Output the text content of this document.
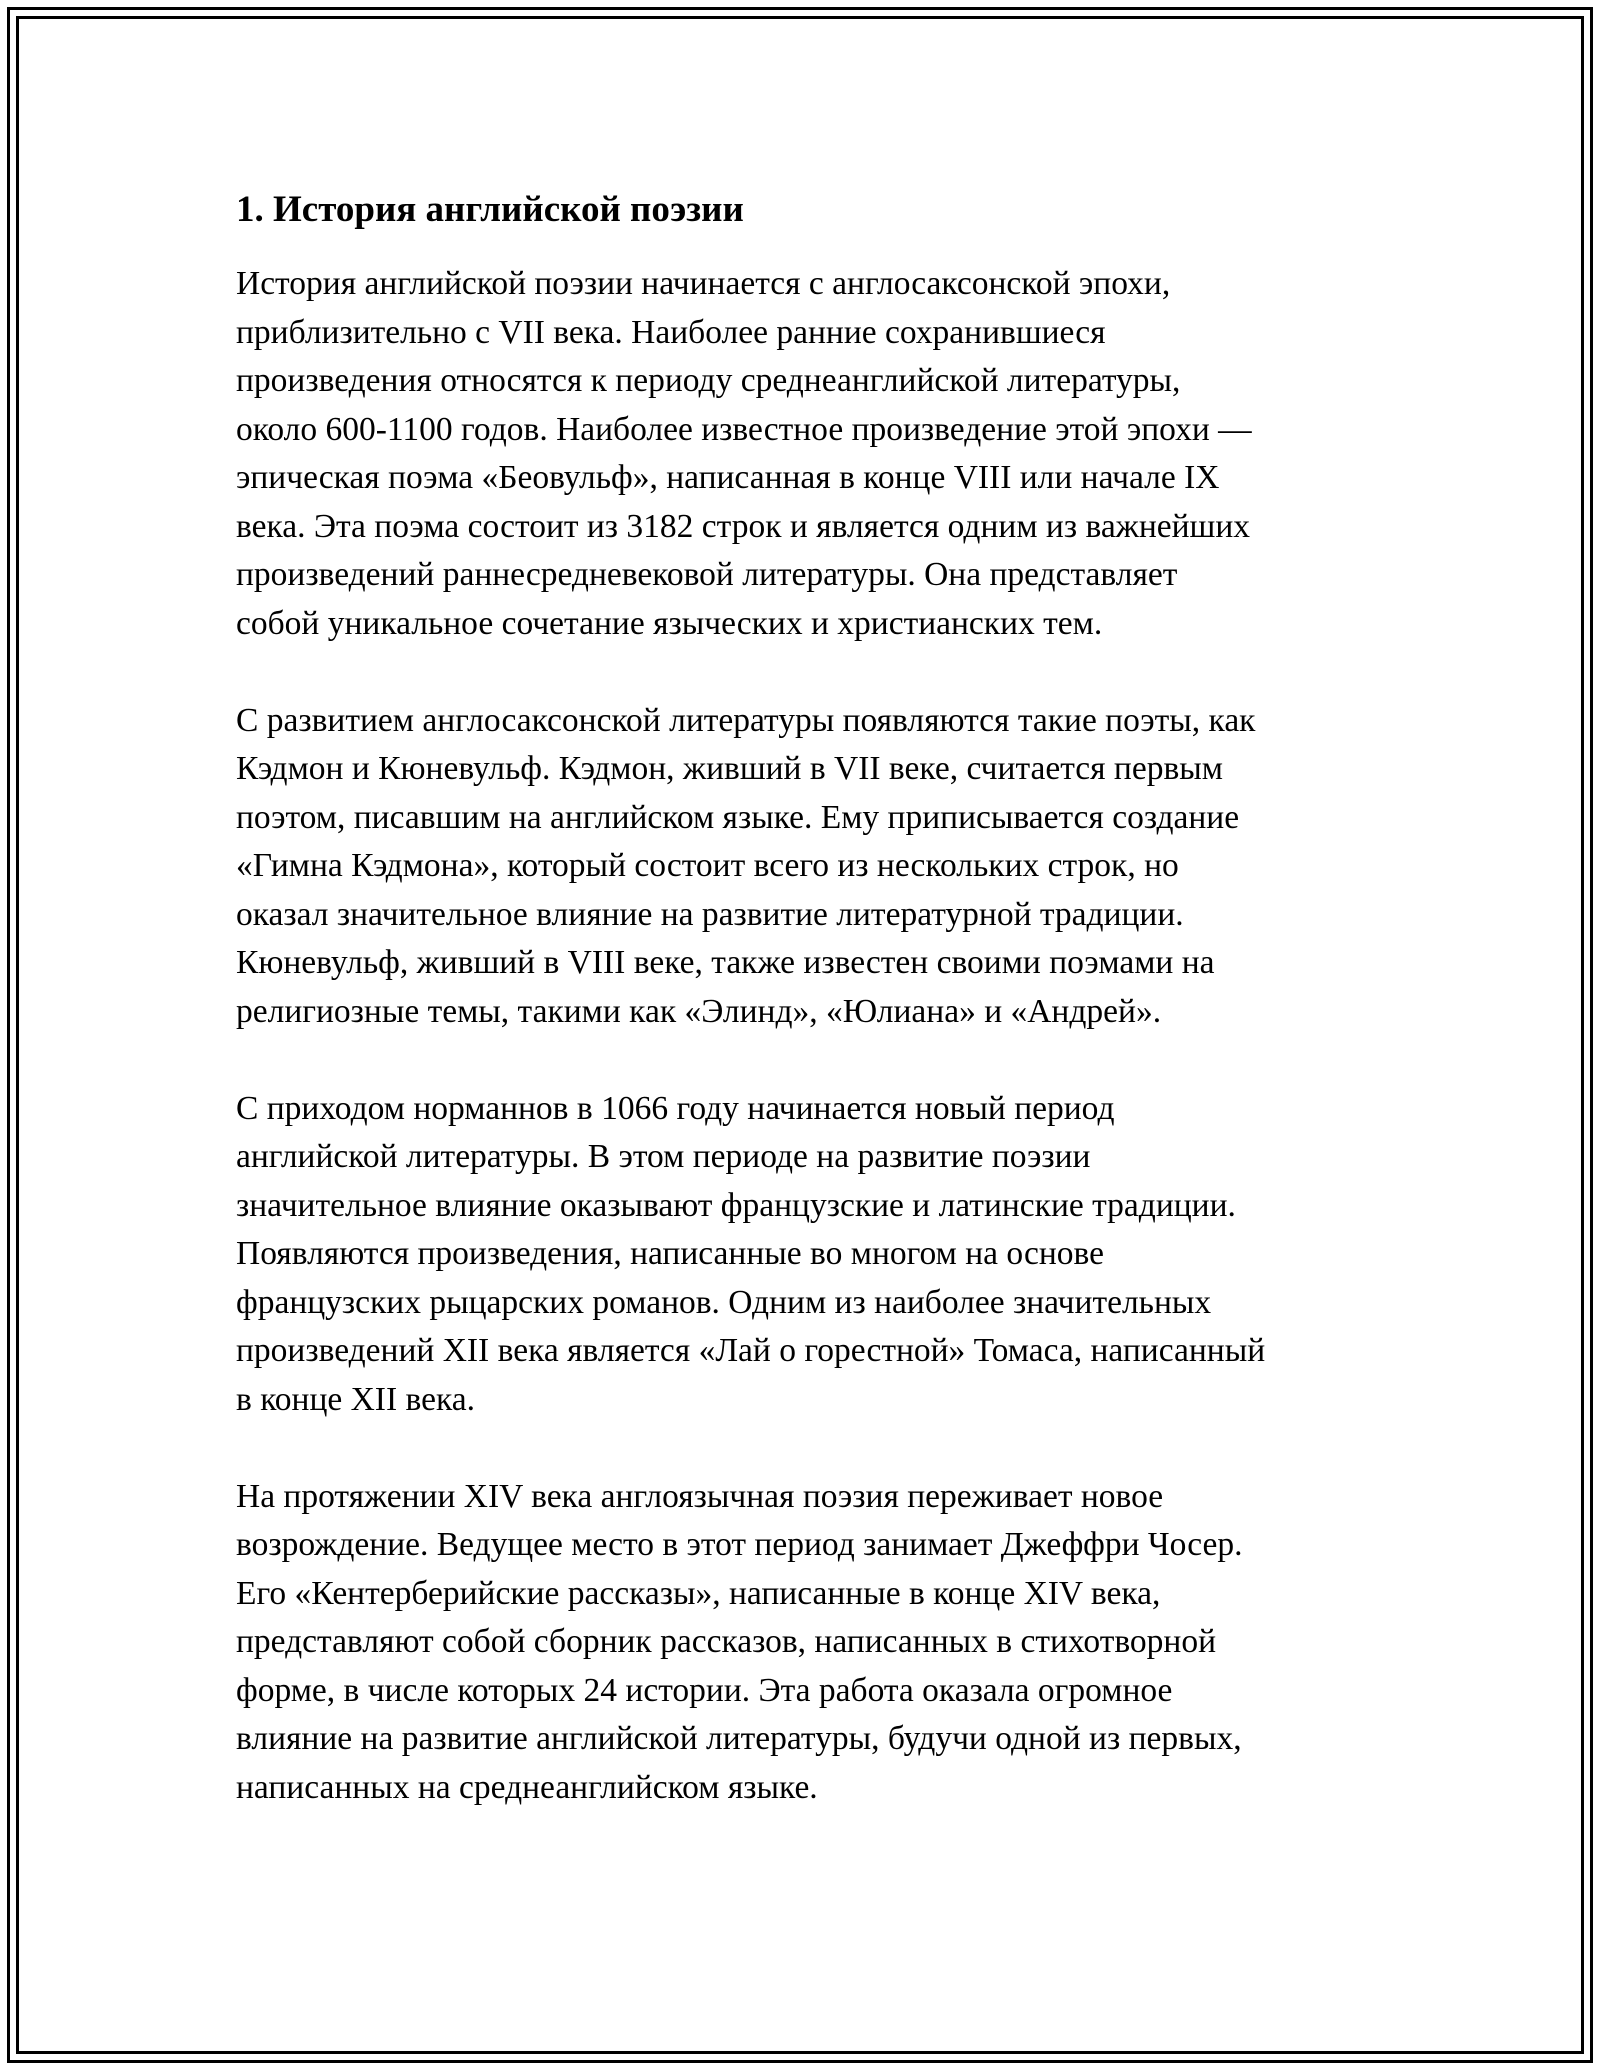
1. История английской поэзии

История английской поэзии начинается с англосаксонской эпохи,
приблизительно с VII века. Наиболее ранние сохранившиеся
произведения относятся к периоду среднеанглийской литературы,
около 600-1100 годов. Наиболее известное произведение этой эпохи —
эпическая поэма «Беовульф», написанная в конце VIII или начале IX
века. Эта поэма состоит из 3182 строк и является одним из важнейших
произведений раннесредневековой литературы. Она представляет
собой уникальное сочетание языческих и христианских тем.

С развитием англосаксонской литературы появляются такие поэты, как
Кэдмон и Кюневульф. Кэдмон, живший в VII веке, считается первым
поэтом, писавшим на английском языке. Ему приписывается создание
«Гимна Кэдмона», который состоит всего из нескольких строк, но
оказал значительное влияние на развитие литературной традиции.
Кюневульф, живший в VIII веке, также известен своими поэмами на
религиозные темы, такими как «Элинд», «Юлиана» и «Андрей».

С приходом норманнов в 1066 году начинается новый период
английской литературы. В этом периоде на развитие поэзии
значительное влияние оказывают французские и латинские традиции.
Появляются произведения, написанные во многом на основе
французских рыцарских романов. Одним из наиболее значительных
произведений XII века является «Лай о горестной» Томаса, написанный
в конце XII века.

На протяжении XIV века англоязычная поэзия переживает новое
возрождение. Ведущее место в этот период занимает Джеффри Чосер.
Его «Кентерберийские рассказы», написанные в конце XIV века,
представляют собой сборник рассказов, написанных в стихотворной
форме, в числе которых 24 истории. Эта работа оказала огромное
влияние на развитие английской литературы, будучи одной из первых,
написанных на среднеанглийском языке.
